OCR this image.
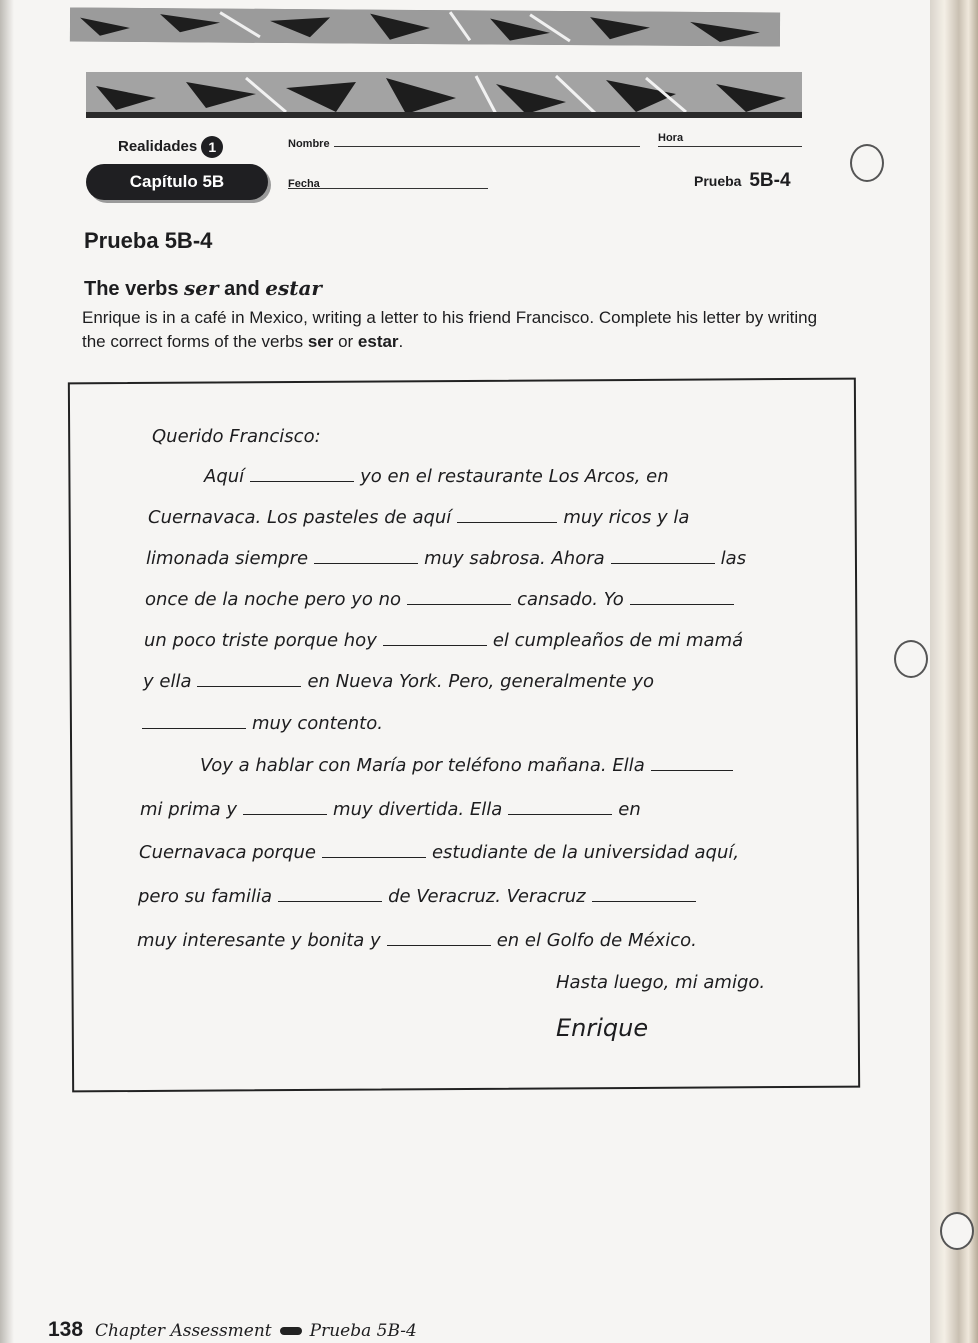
Realidades 1	Nombre	Hora
Capítulo 5B	Fecha	Prueba 5B-4
Prueba 5B-4
The verbs ser and estar
Enrique is in a café in Mexico, writing a letter to his friend Francisco. Complete his letter by writing the correct forms of the verbs ser or estar.
Querido Francisco:
Aquí	yo en el restaurante Los Arcos, en
Cuernavaca. Los pasteles de aquí	muy ricos y la
limonada siempre	muy sabrosa. Ahora	las
once de la noche pero yo no	cansado. Yo
un poco triste porque hoy	el cumpleaños de mi mamá
y ella	en Nueva York. Pero, generalmente yo
muy contento.
Voy a hablar con María por teléfono mañana. Ella
mi prima y	muy divertida. Ella	en
Cuernavaca porque	estudiante de la universidad aquí,
pero su familia	de Veracruz. Veracruz
muy interesante y bonita y	en el Golfo de México.
Hasta luego, mi amigo.
Enrique
138 Chapter Assessment Prueba 5B-4
